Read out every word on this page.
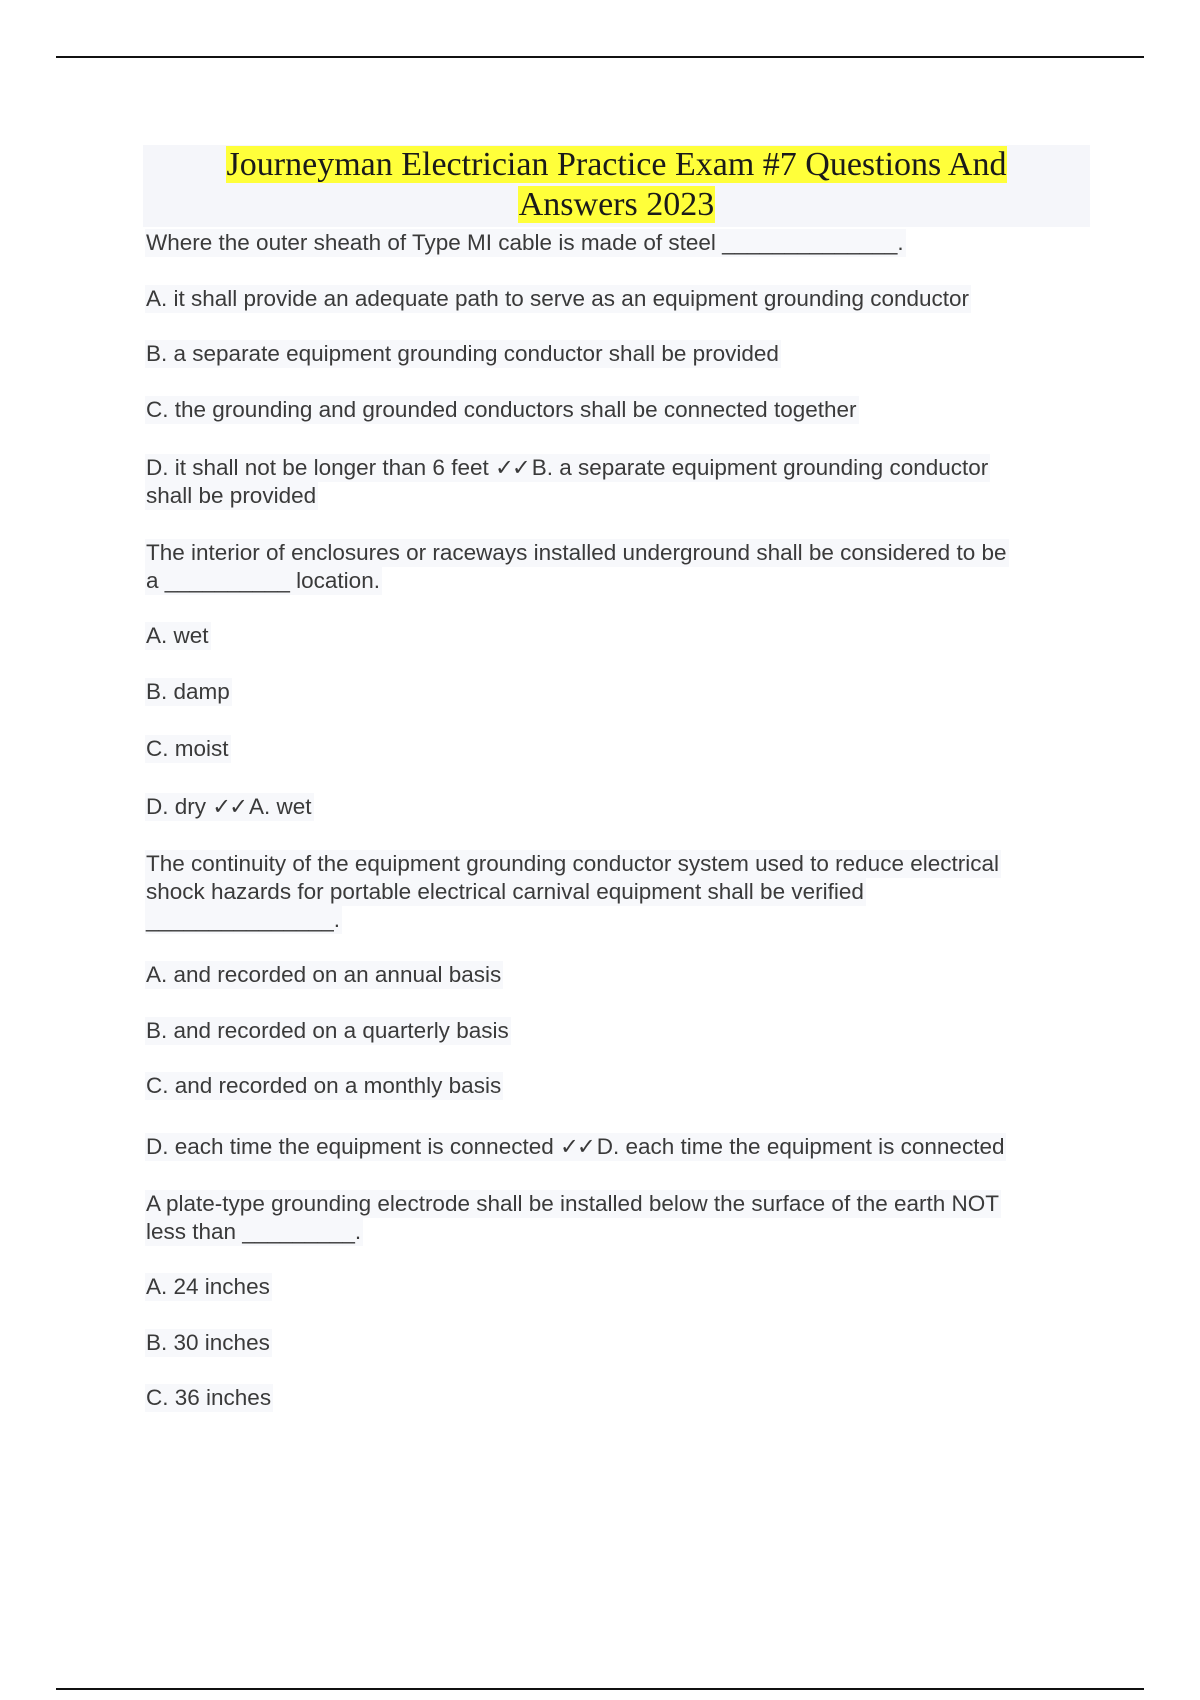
Journeyman Electrician Practice Exam #7 Questions And
Answers 2023
Where the outer sheath of Type MI cable is made of steel ______________.
A. it shall provide an adequate path to serve as an equipment grounding conductor
B. a separate equipment grounding conductor shall be provided
C. the grounding and grounded conductors shall be connected together
D. it shall not be longer than 6 feet ✓✓ B. a separate equipment grounding conductor
shall be provided
The interior of enclosures or raceways installed underground shall be considered to be
a __________ location.
A. wet
B. damp
C. moist
D. dry ✓✓ A. wet
The continuity of the equipment grounding conductor system used to reduce electrical
shock hazards for portable electrical carnival equipment shall be verified
_______________.
A. and recorded on an annual basis
B. and recorded on a quarterly basis
C. and recorded on a monthly basis
D. each time the equipment is connected ✓✓ D. each time the equipment is connected
A plate-type grounding electrode shall be installed below the surface of the earth NOT
less than _________.
A. 24 inches
B. 30 inches
C. 36 inches
